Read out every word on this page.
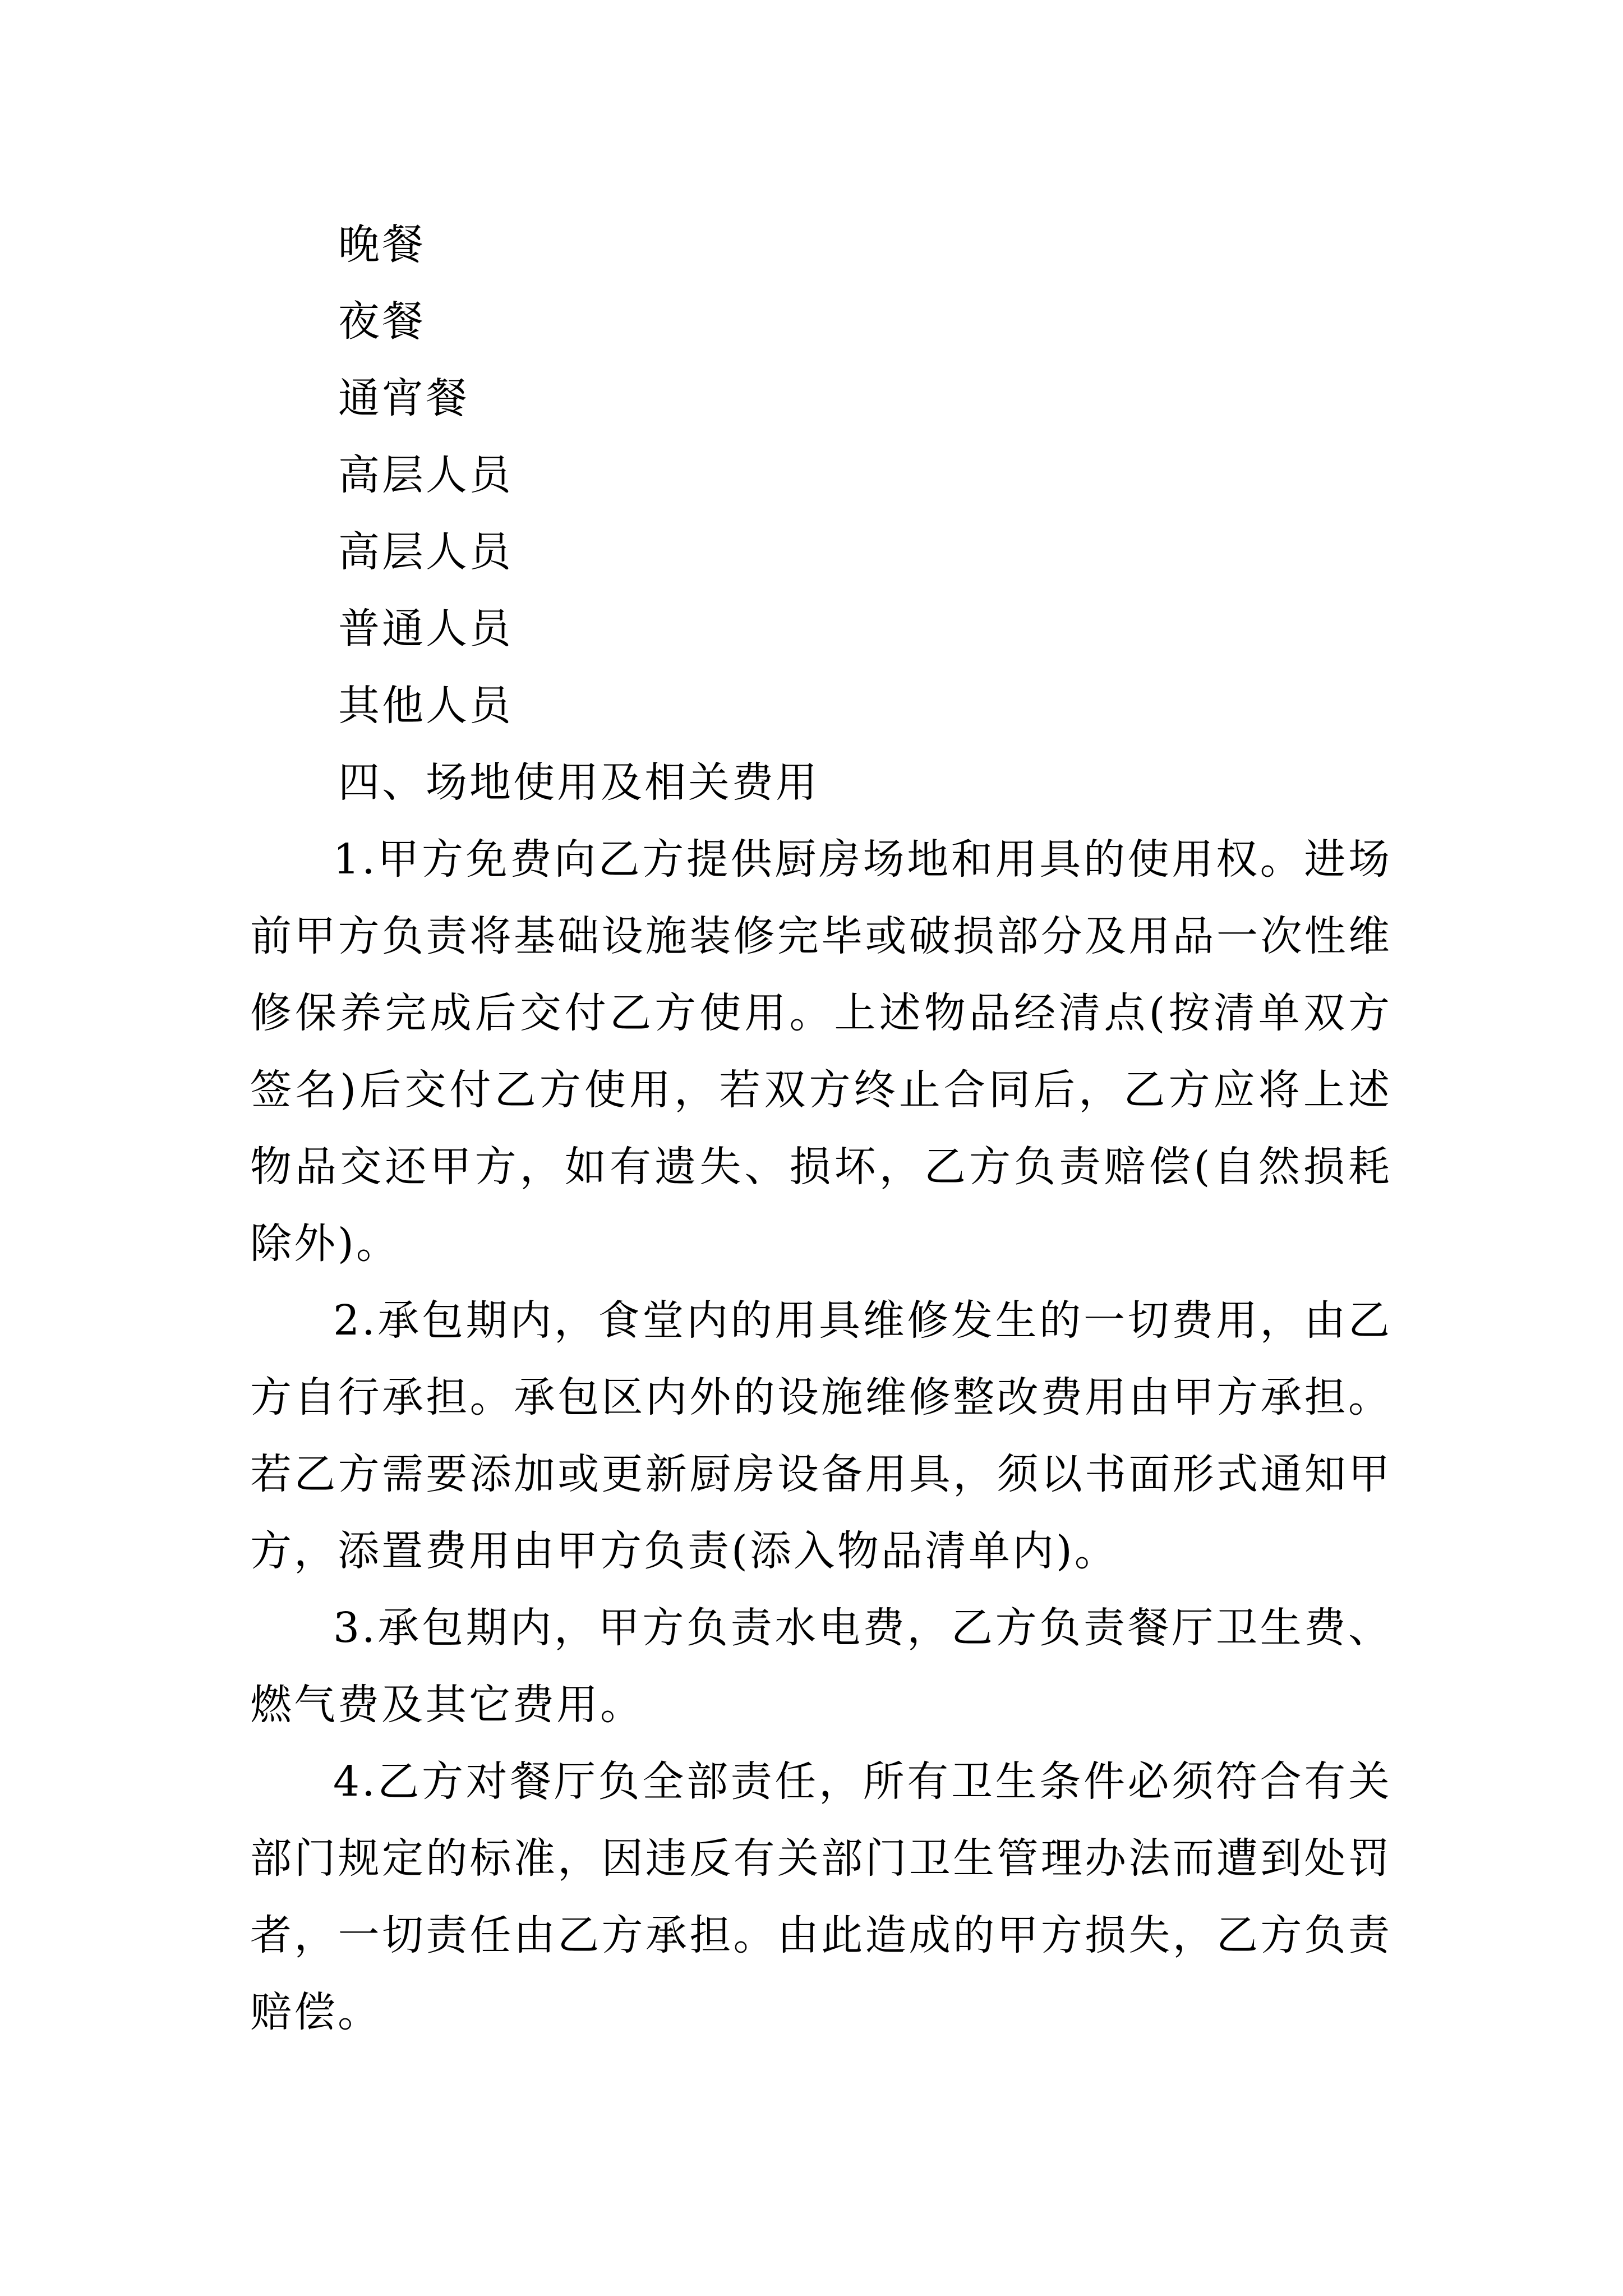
晚餐

夜餐

通宵餐

高层人员

高层人员

普通人员

其他人员

四、场地使用及相关费用

1.甲方免费向乙方提供厨房场地和用具的使用权。进场前甲方负责将基础设施装修完毕或破损部分及用品一次性维修保养完成后交付乙方使用。上述物品经清点(按清单双方签名)后交付乙方使用，若双方终止合同后，乙方应将上述物品交还甲方，如有遗失、损坏，乙方负责赔偿(自然损耗除外)。

2.承包期内，食堂内的用具维修发生的一切费用，由乙方自行承担。承包区内外的设施维修整改费用由甲方承担。若乙方需要添加或更新厨房设备用具，须以书面形式通知甲方，添置费用由甲方负责(添入物品清单内)。

3.承包期内，甲方负责水电费，乙方负责餐厅卫生费、燃气费及其它费用。

4.乙方对餐厅负全部责任，所有卫生条件必须符合有关部门规定的标准，因违反有关部门卫生管理办法而遭到处罚者，一切责任由乙方承担。由此造成的甲方损失，乙方负责赔偿。
